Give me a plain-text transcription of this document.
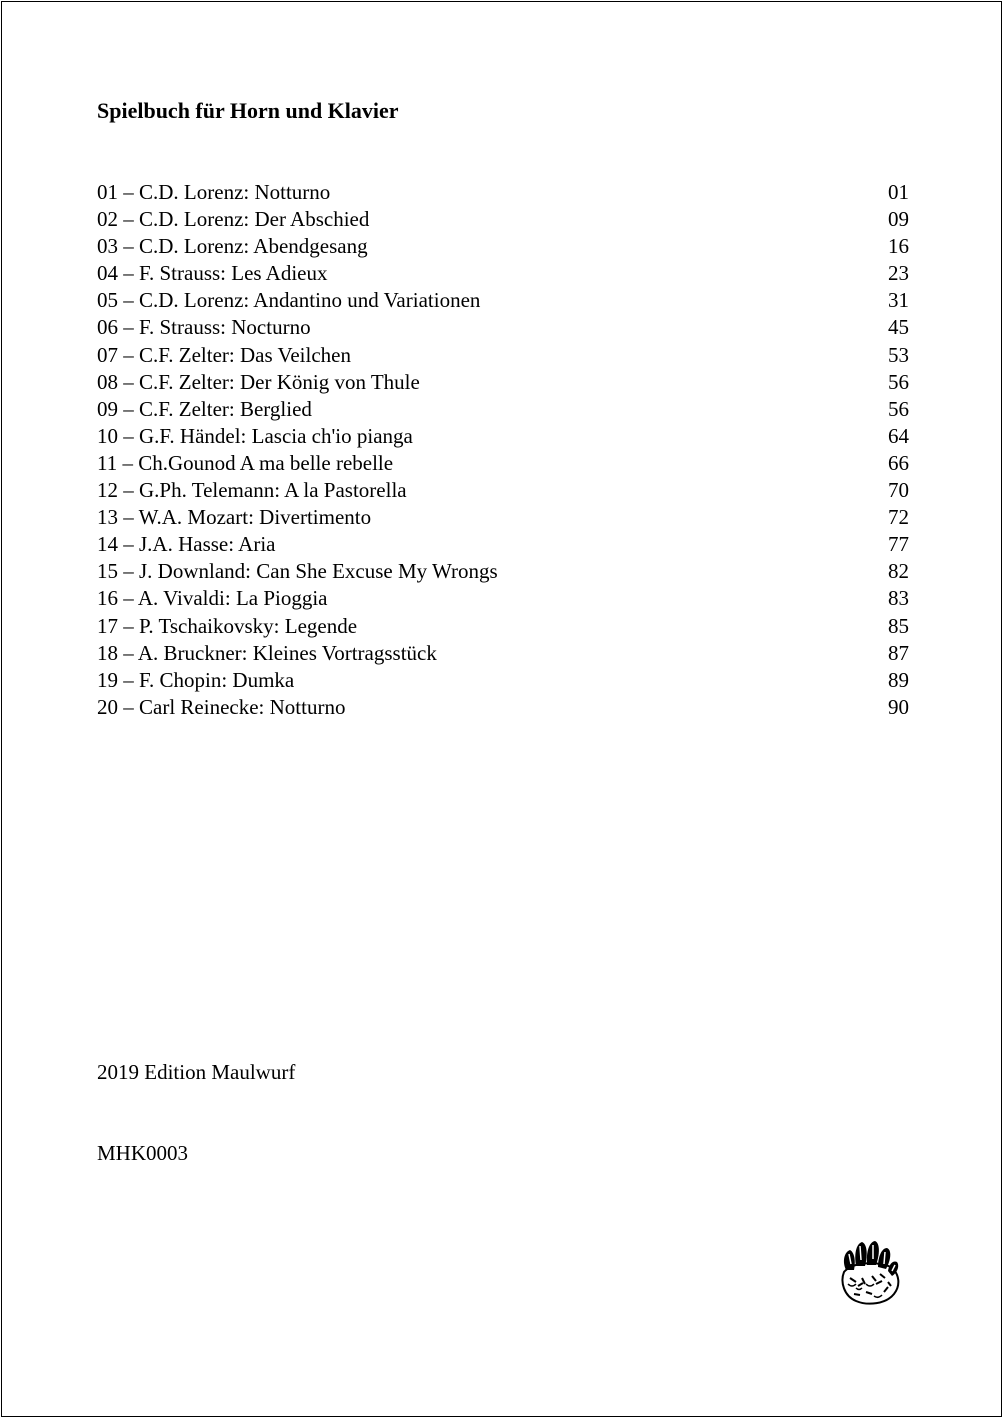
Spielbuch für Horn und Klavier
01 – C.D. Lorenz: Notturno	01
02 – C.D. Lorenz: Der Abschied	09
03 – C.D. Lorenz: Abendgesang	16
04 – F. Strauss: Les Adieux	23
05 – C.D. Lorenz: Andantino und Variationen	31
06 – F. Strauss: Nocturno	45
07 – C.F. Zelter: Das Veilchen	53
08 – C.F. Zelter: Der König von Thule	56
09 – C.F. Zelter: Berglied	56
10 – G.F. Händel: Lascia ch'io pianga	64
11 – Ch.Gounod A ma belle rebelle	66
12 – G.Ph. Telemann: A la Pastorella	70
13 – W.A. Mozart: Divertimento	72
14 – J.A. Hasse: Aria	77
15 – J. Downland: Can She Excuse My Wrongs	82
16 – A. Vivaldi: La Pioggia	83
17 – P. Tschaikovsky: Legende	85
18 – A. Bruckner: Kleines Vortragsstück	87
19 – F. Chopin: Dumka	89
20 – Carl Reinecke: Notturno	90
2019 Edition Maulwurf
MHK0003
